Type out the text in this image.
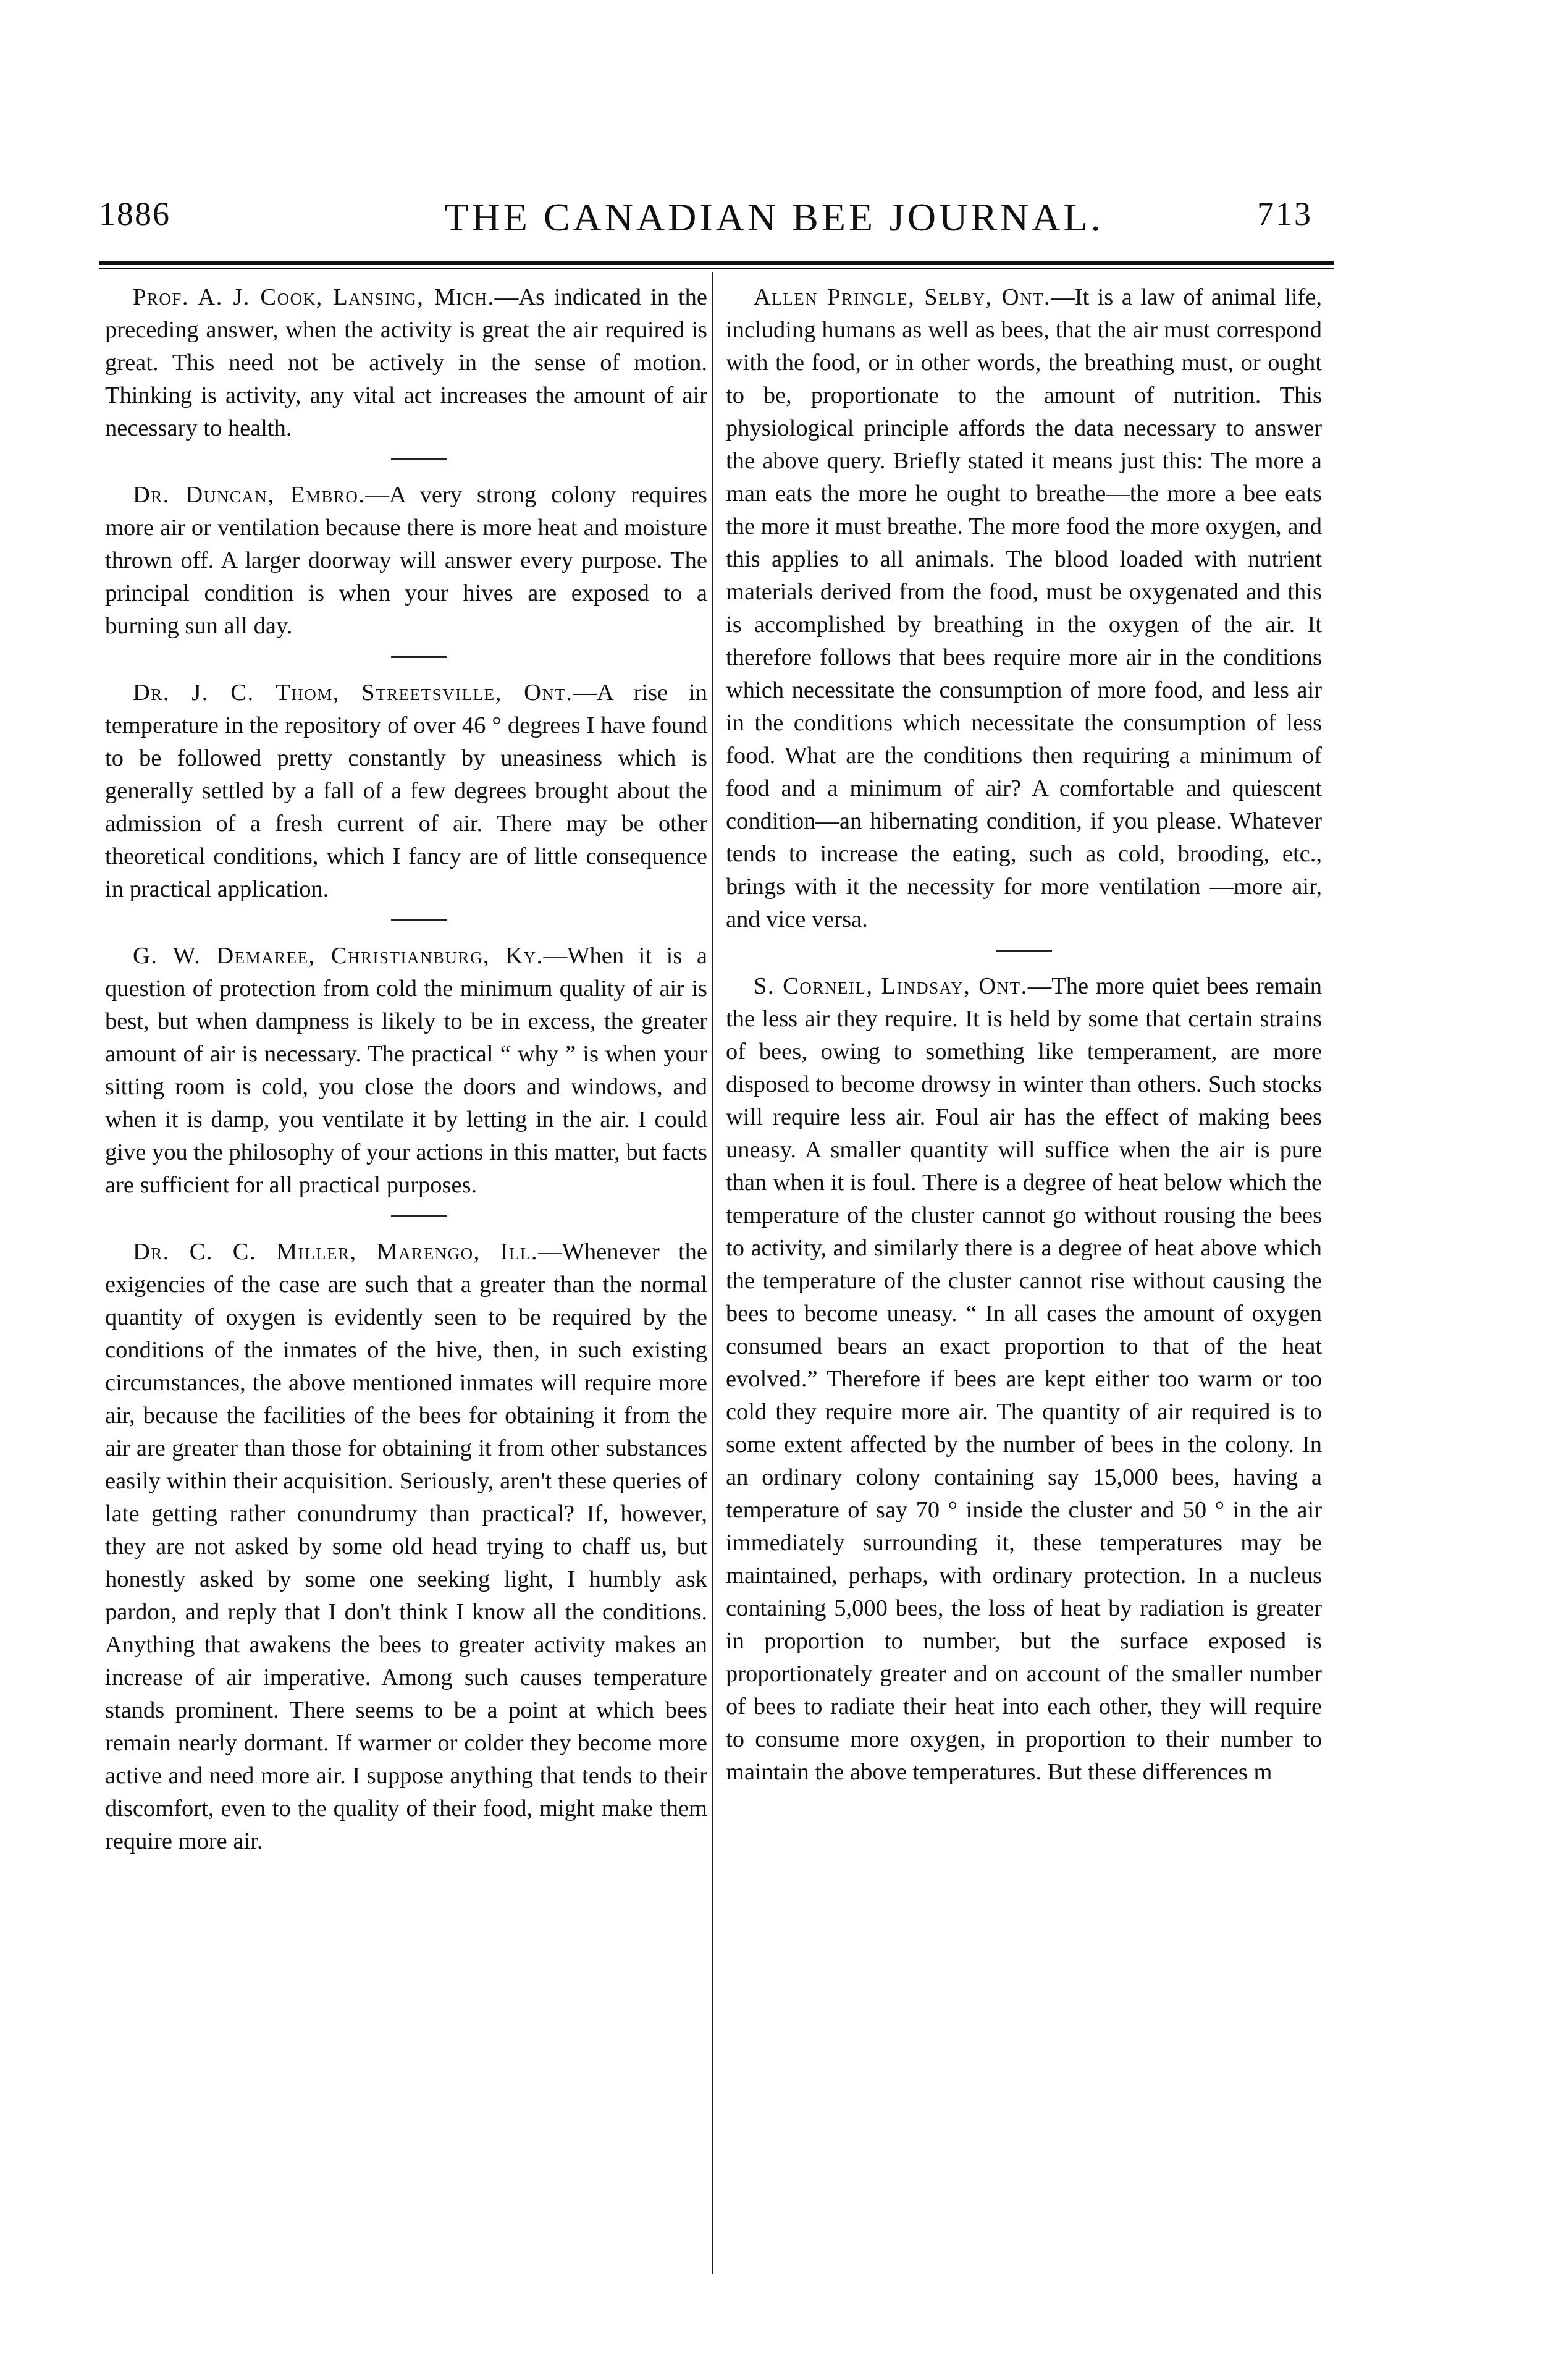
1886	THE CANADIAN BEE JOURNAL.	713

Prof. A. J. Cook, Lansing, Mich.—As indicated in the preceding answer, when the activity is great the air required is great. This need not be actively in the sense of motion. Thinking is activity, any vital act increases the amount of air necessary to health.

Dr. Duncan, Embro.—A very strong colony requires more air or ventilation because there is more heat and moisture thrown off. A larger doorway will answer every purpose. The principal condition is when your hives are exposed to a burning sun all day.

Dr. J. C. Thom, Streetsville, Ont.—A rise in temperature in the repository of over 46 ° degrees I have found to be followed pretty constantly by uneasiness which is generally settled by a fall of a few degrees brought about the admission of a fresh current of air. There may be other theoretical conditions, which I fancy are of little consequence in practical application.

G. W. Demaree, Christianburg, Ky.—When it is a question of protection from cold the minimum quality of air is best, but when dampness is likely to be in excess, the greater amount of air is necessary. The practical “ why ” is when your sitting room is cold, you close the doors and windows, and when it is damp, you ventilate it by letting in the air. I could give you the philosophy of your actions in this matter, but facts are sufficient for all practical purposes.

Dr. C. C. Miller, Marengo, Ill.—Whenever the exigencies of the case are such that a greater than the normal quantity of oxygen is evidently seen to be required by the conditions of the inmates of the hive, then, in such existing circumstances, the above mentioned inmates will require more air, because the facilities of the bees for obtaining it from the air are greater than those for obtaining it from other substances easily within their acquisition. Seriously, aren't these queries of late getting rather conundrumy than practical? If, however, they are not asked by some old head trying to chaff us, but honestly asked by some one seeking light, I humbly ask pardon, and reply that I don't think I know all the conditions. Anything that awakens the bees to greater activity makes an increase of air imperative. Among such causes temperature stands prominent. There seems to be a point at which bees remain nearly dormant. If warmer or colder they become more active and need more air. I suppose anything that tends to their discomfort, even to the quality of their food, might make them require more air.

Allen Pringle, Selby, Ont.—It is a law of animal life, including humans as well as bees, that the air must correspond with the food, or in other words, the breathing must, or ought to be, proportionate to the amount of nutrition. This physiological principle affords the data necessary to answer the above query. Briefly stated it means just this: The more a man eats the more he ought to breathe—the more a bee eats the more it must breathe. The more food the more oxygen, and this applies to all animals. The blood loaded with nutrient materials derived from the food, must be oxygenated and this is accomplished by breathing in the oxygen of the air. It therefore follows that bees require more air in the conditions which necessitate the consumption of more food, and less air in the conditions which necessitate the consumption of less food. What are the conditions then requiring a minimum of food and a minimum of air? A comfortable and quiescent condition—an hibernating condition, if you please. Whatever tends to increase the eating, such as cold, brooding, etc., brings with it the necessity for more ventilation —more air, and vice versa.

S. Corneil, Lindsay, Ont.—The more quiet bees remain the less air they require. It is held by some that certain strains of bees, owing to something like temperament, are more disposed to become drowsy in winter than others. Such stocks will require less air. Foul air has the effect of making bees uneasy. A smaller quantity will suffice when the air is pure than when it is foul. There is a degree of heat below which the temperature of the cluster cannot go without rousing the bees to activity, and similarly there is a degree of heat above which the temperature of the cluster cannot rise without causing the bees to become uneasy. “ In all cases the amount of oxygen consumed bears an exact proportion to that of the heat evolved.” Therefore if bees are kept either too warm or too cold they require more air. The quantity of air required is to some extent affected by the number of bees in the colony. In an ordinary colony containing say 15,000 bees, having a temperature of say 70 ° inside the cluster and 50 ° in the air immediately surrounding it, these temperatures may be maintained, perhaps, with ordinary protection. In a nucleus containing 5,000 bees, the loss of heat by radiation is greater in proportion to number, but the surface exposed is proportionately greater and on account of the smaller number of bees to radiate their heat into each other, they will require to consume more oxygen, in proportion to their number to maintain the above temperatures. But these differences m
